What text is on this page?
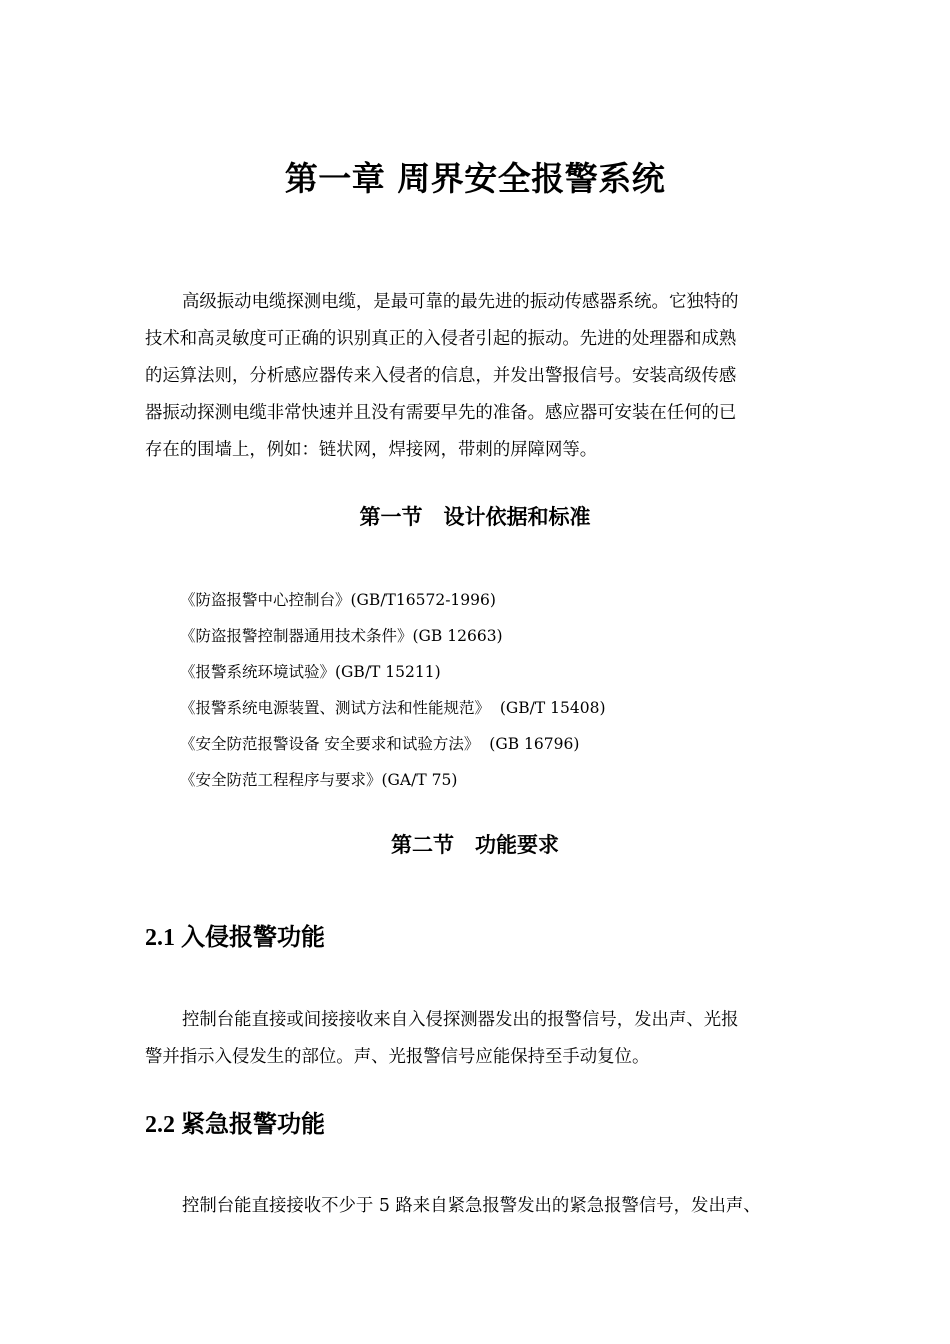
第一章 周界安全报警系统
高级振动电缆探测电缆，是最可靠的最先进的振动传感器系统。它独特的
技术和高灵敏度可正确的识别真正的入侵者引起的振动。先进的处理器和成熟
的运算法则，分析感应器传来入侵者的信息，并发出警报信号。安装高级传感
器振动探测电缆非常快速并且没有需要早先的准备。感应器可安装在任何的已
存在的围墙上，例如：链状网，焊接网，带刺的屏障网等。
第一节　设计依据和标准
《防盗报警中心控制台》(GB/T16572-1996)
《防盗报警控制器通用技术条件》(GB 12663)
《报警系统环境试验》(GB/T 15211)
《报警系统电源装置、测试方法和性能规范》  (GB/T 15408)
《安全防范报警设备 安全要求和试验方法》  (GB 16796)
《安全防范工程程序与要求》(GA/T 75)
第二节　功能要求
2.1 入侵报警功能
控制台能直接或间接接收来自入侵探测器发出的报警信号，发出声、光报
警并指示入侵发生的部位。声、光报警信号应能保持至手动复位。
2.2 紧急报警功能
控制台能直接接收不少于 5 路来自紧急报警发出的紧急报警信号，发出声、
